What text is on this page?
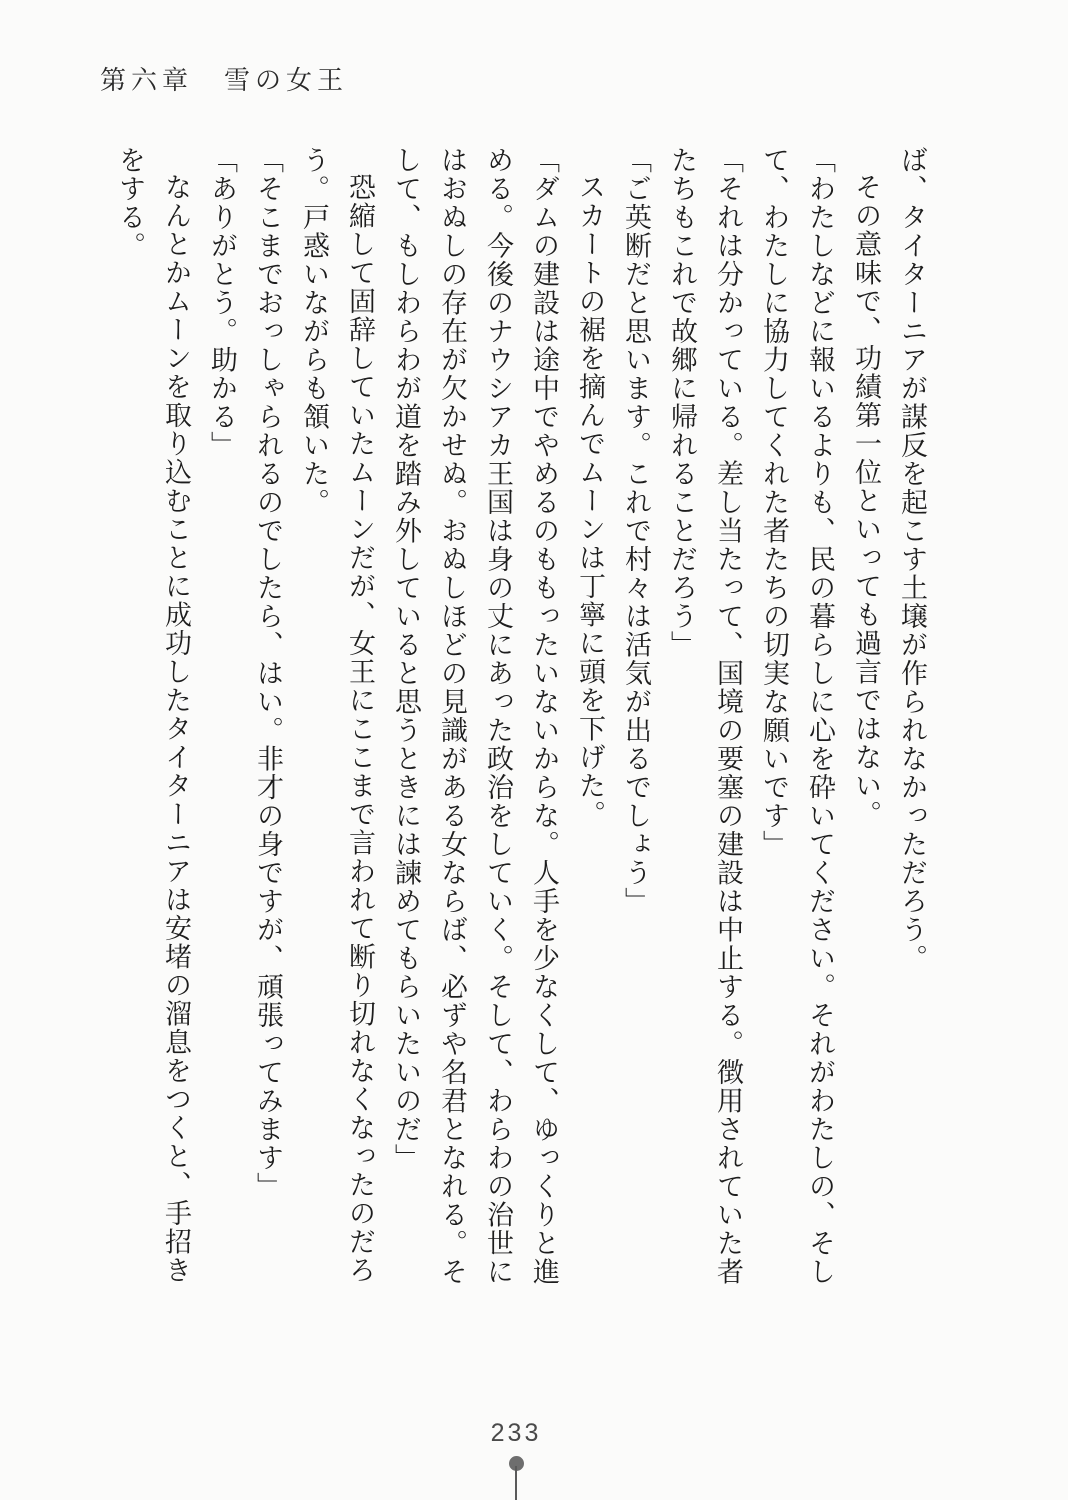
第六章　雪の女王
ば、タイターニアが謀反を起こす土壌が作られなかっただろう。
その意味で、功績第一位といっても過言ではない。
「わたしなどに報いるよりも、民の暮らしに心を砕いてください。それがわたしの、そし
て、わたしに協力してくれた者たちの切実な願いです」
「それは分かっている。差し当たって、国境の要塞の建設は中止する。徴用されていた者
たちもこれで故郷に帰れることだろう」
「ご英断だと思います。これで村々は活気が出るでしょう」
スカートの裾を摘んでムーンは丁寧に頭を下げた。
「ダムの建設は途中でやめるのももったいないからな。人手を少なくして、ゆっくりと進
める。今後のナウシアカ王国は身の丈にあった政治をしていく。そして、わらわの治世に
はおぬしの存在が欠かせぬ。おぬしほどの見識がある女ならば、必ずや名君となれる。そ
して、もしわらわが道を踏み外していると思うときには諫めてもらいたいのだ」
恐縮して固辞していたムーンだが、女王にここまで言われて断り切れなくなったのだろ
う。戸惑いながらも頷いた。
「そこまでおっしゃられるのでしたら、はい。非才の身ですが、頑張ってみます」
「ありがとう。助かる」
なんとかムーンを取り込むことに成功したタイターニアは安堵の溜息をつくと、手招き
をする。
233
